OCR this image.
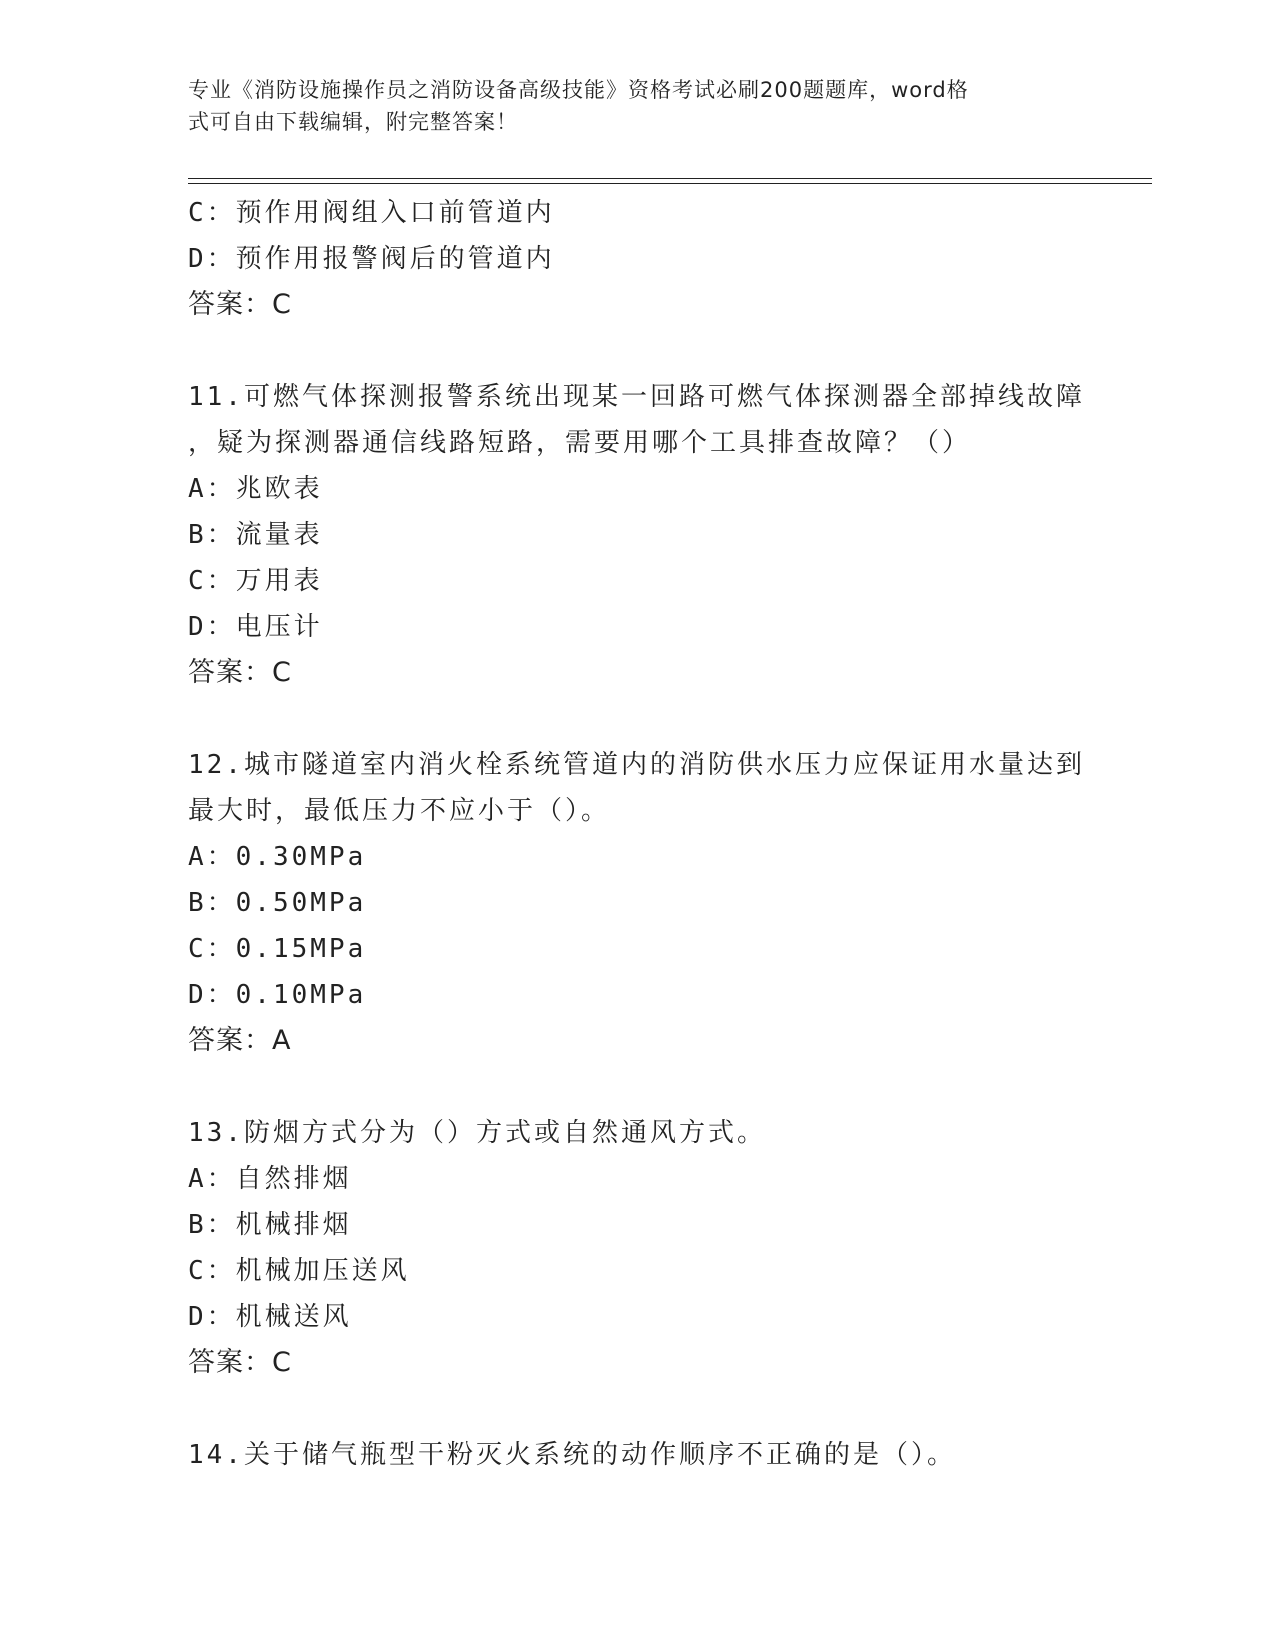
专业《消防设施操作员之消防设备高级技能》资格考试必刷200题题库，word格
式可自由下载编辑，附完整答案！
C：预作用阀组入口前管道内
D：预作用报警阀后的管道内
答案：C
11.可燃气体探测报警系统出现某一回路可燃气体探测器全部掉线故障
，疑为探测器通信线路短路，需要用哪个工具排查故障？（）
A：兆欧表
B：流量表
C：万用表
D：电压计
答案：C
12.城市隧道室内消火栓系统管道内的消防供水压力应保证用水量达到
最大时，最低压力不应小于（）。
A：0.30MPa
B：0.50MPa
C：0.15MPa
D：0.10MPa
答案：A
13.防烟方式分为（）方式或自然通风方式。
A：自然排烟
B：机械排烟
C：机械加压送风
D：机械送风
答案：C
14.关于储气瓶型干粉灭火系统的动作顺序不正确的是（）。
